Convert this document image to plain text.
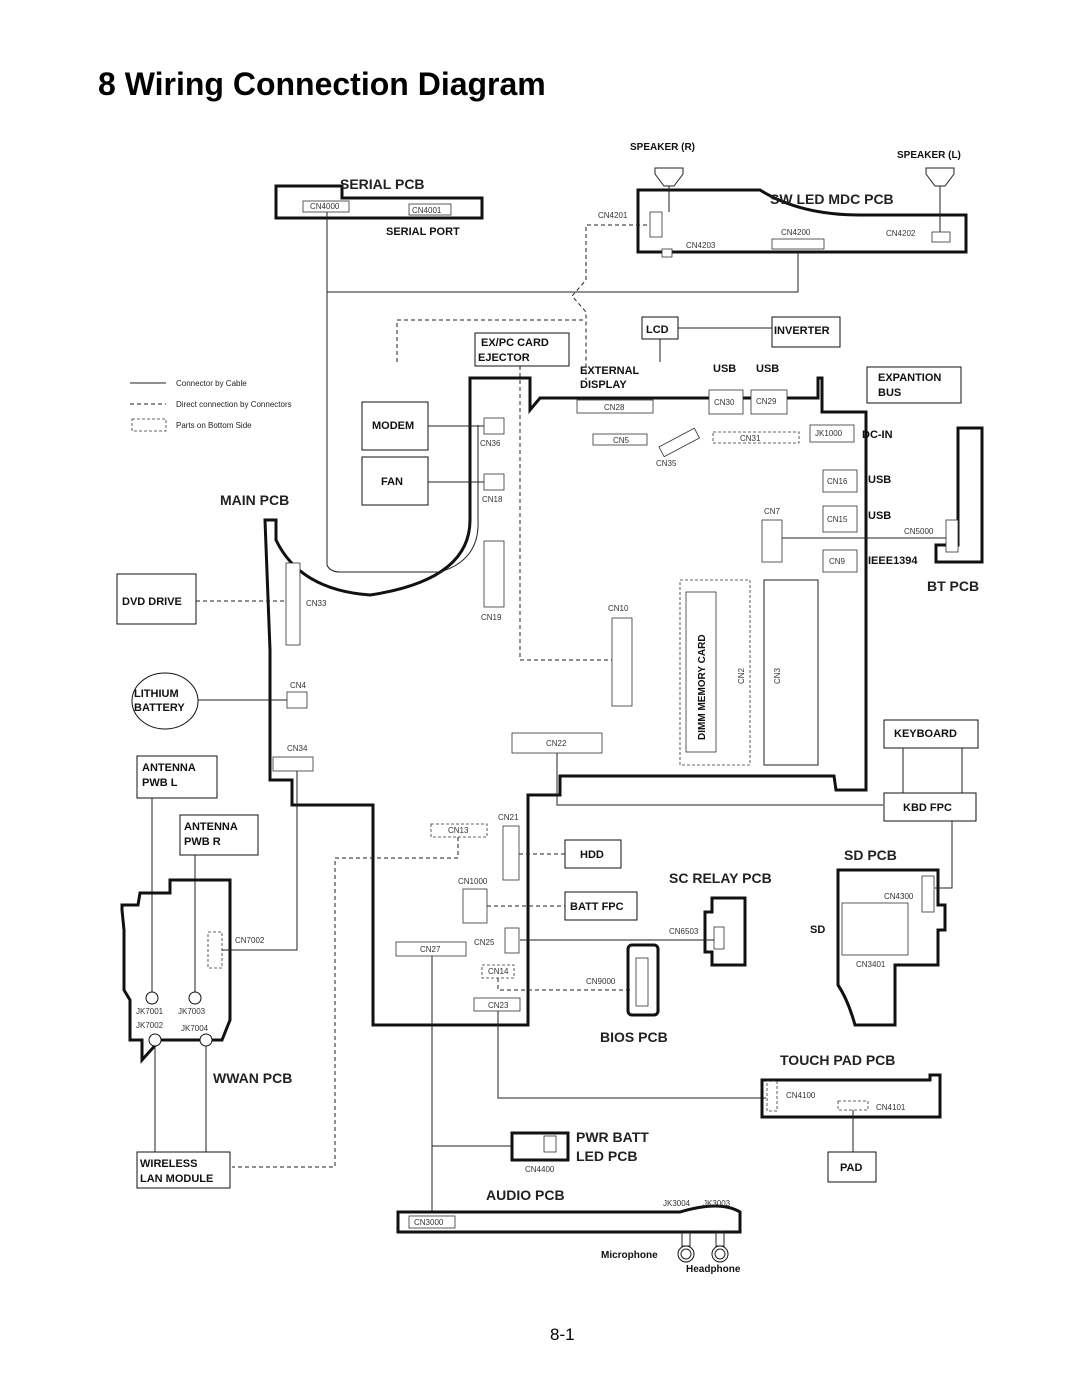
8 Wiring Connection Diagram
Connector by Cable
Direct connection by Connectors
Parts on Bottom Side
SERIAL PCB
CN4000	CN4001
SERIAL PORT
SW LED MDC PCB
SPEAKER (R)
SPEAKER (L)
CN4201
CN4203
CN4200	CN4202
MAIN PCB
LCD	INVERTER
EX/PC CARD
EJECTOR
EXTERNAL
DISPLAY
USB USB
CN28
CN30	CN29
EXPANTION
BUS
MODEM
FAN
CN36
CN18
CN5
CN35
CN31
JK1000 DC-IN
CN16 USB
CN15 USB
CN9 IEEE1394
CN7
CN5000
BT PCB
DVD DRIVE	CN33
CN19
CN10
DIMM MEMORY CARD	CN2	CN3
LITHIUM
BATTERY
CN4
CN22
CN34
KEYBOARD
KBD FPC
ANTENNA
PWB L
ANTENNA
PWB R
CN21
CN13
HDD
CN1000
BATT FPC
SC RELAY PCB
CN6503
SD PCB
SD
CN4300
CN3401
WWAN PCB
CN7002
JK7001 JK7003
JK7002 JK7004
CN27
CN25
CN14
CN9000
CN23
BIOS PCB
TOUCH PAD PCB
CN4100
CN4101
PAD
WIRELESS
LAN MODULE
CN4400
PWR BATT
LED PCB
AUDIO PCB
CN3000
JK3004 JK3003
Microphone
Headphone
8-1
